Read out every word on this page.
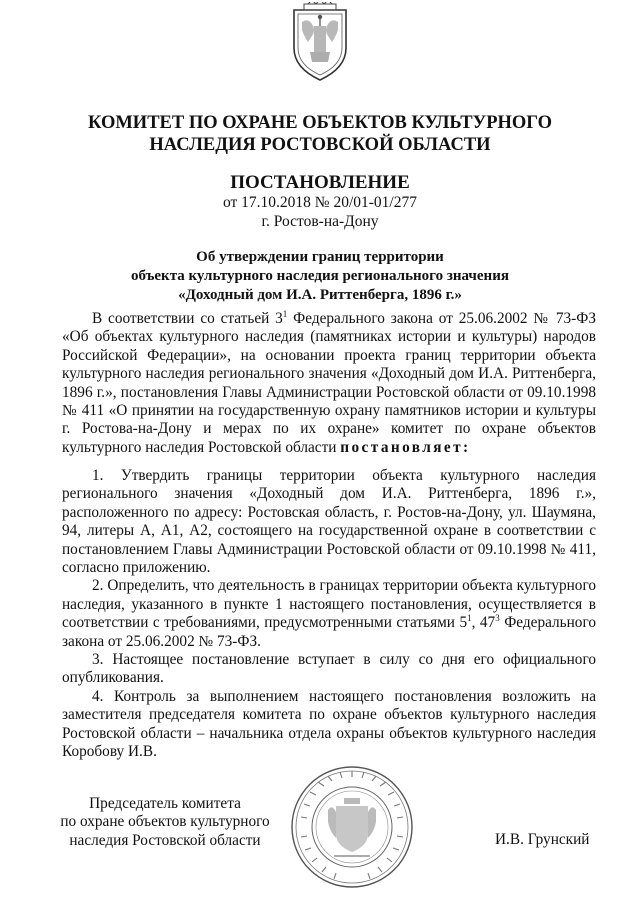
КОМИТЕТ ПО ОХРАНЕ ОБЪЕКТОВ КУЛЬТУРНОГО
НАСЛЕДИЯ РОСТОВСКОЙ ОБЛАСТИ
ПОСТАНОВЛЕНИЕ
от 17.10.2018 № 20/01-01/277
г. Ростов-на-Дону
Об утверждении границ территории
объекта культурного наследия регионального значения
«Доходный дом И.А. Риттенберга, 1896 г.»

В соответствии со статьей $3^1$ Федерального закона от 25.06.2002 № 73-ФЗ «Об объектах культурного наследия (памятниках истории и культуры) народов Российской Федерации», на основании проекта границ территории объекта культурного наследия регионального значения «Доходный дом И.А. Риттенберга, 1896 г.», постановления Главы Администрации Ростовской области от 09.10.1998 № 411 «О принятии на государственную охрану памятников истории и культуры г. Ростова-на-Дону и мерах по их охране» комитет по охране объектов культурного наследия Ростовской области постановляет:

1. Утвердить границы территории объекта культурного наследия регионального значения «Доходный дом И.А. Риттенберга, 1896 г.», расположенного по адресу: Ростовская область, г. Ростов-на-Дону, ул. Шаумяна, 94, литеры А, А1, А2, состоящего на государственной охране в соответствии с постановлением Главы Администрации Ростовской области от 09.10.1998 № 411, согласно приложению.

2. Определить, что деятельность в границах территории объекта культурного наследия, указанного в пункте 1 настоящего постановления, осуществляется в соответствии с требованиями, предусмотренными статьями $5^1$, $47^3$ Федерального закона от 25.06.2002 № 73-ФЗ.

3. Настоящее постановление вступает в силу со дня его официального опубликования.

4. Контроль за выполнением настоящего постановления возложить на заместителя председателя комитета по охране объектов культурного наследия Ростовской области – начальника отдела охраны объектов культурного наследия Коробову И.В.

Председатель комитета
по охране объектов культурного
наследия Ростовской области	И.В. Грунский
